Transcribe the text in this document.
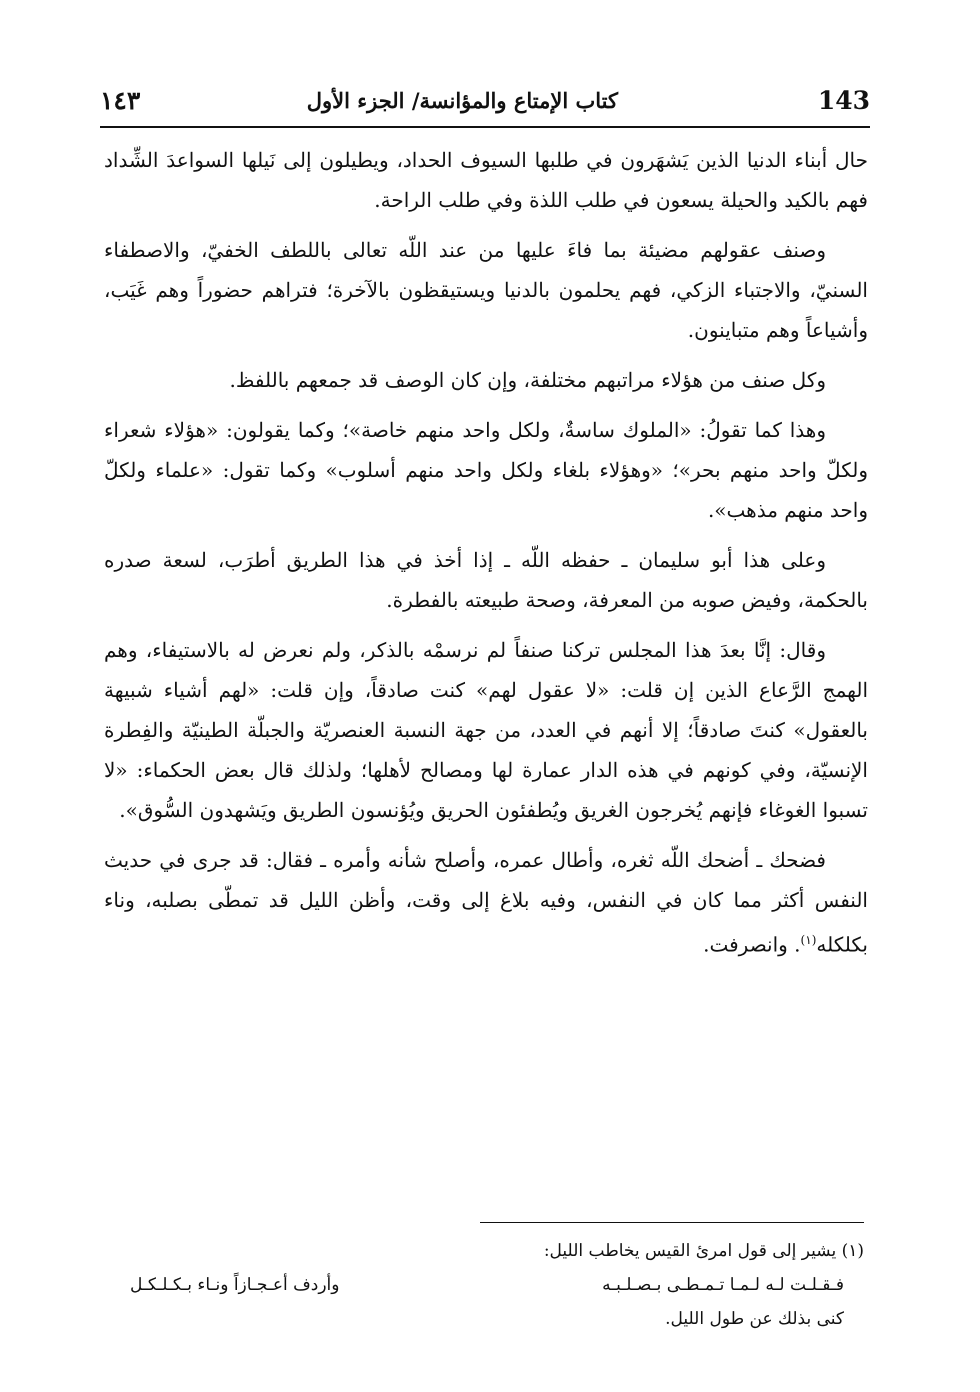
143
كتاب الإمتاع والمؤانسة/ الجزء الأول
١٤٣

حال أبناء الدنيا الذين يَشهَرون في طلبها السيوف الحداد، ويطيلون إلى نَيلها السواعدَ الشِّداد فهم بالكيد والحيلة يسعون في طلب اللذة وفي طلب الراحة.

وصنف عقولهم مضيئة بما فاءَ عليها من عند اللّه تعالى باللطف الخفيّ، والاصطفاء السنيّ، والاجتباء الزكي، فهم يحلمون بالدنيا ويستيقظون بالآخرة؛ فتراهم حضوراً وهم غَيَب، وأشياعاً وهم متباينون.

وكل صنف من هؤلاء مراتبهم مختلفة، وإن كان الوصف قد جمعهم باللفظ.

وهذا كما تقولُ: «الملوك ساسةٌ، ولكل واحد منهم خاصة»؛ وكما يقولون: «هؤلاء شعراء ولكلّ واحد منهم بحر»؛ «وهؤلاء بلغاء ولكل واحد منهم أسلوب» وكما تقول: «علماء ولكلّ واحد منهم مذهب».

وعلى هذا أبو سليمان ـ حفظه اللّه ـ إذا أخذ في هذا الطريق أطرَب، لسعة صدره بالحكمة، وفيض صوبه من المعرفة، وصحة طبيعته بالفطرة.

وقال: إنَّا بعدَ هذا المجلس تركنا صنفاً لم نرسمْه بالذكر، ولم نعرض له بالاستيفاء، وهم الهمج الرَّعاع الذين إن قلت: «لا عقول لهم» كنت صادقاً، وإن قلت: «لهم أشياء شبيهة بالعقول» كنتَ صادقاً؛ إلا أنهم في العدد، من جهة النسبة العنصريّة والجبلّة الطينيّة والفِطرة الإنسيّة، وفي كونهم في هذه الدار عمارة لها ومصالح لأهلها؛ ولذلك قال بعض الحكماء: «لا تسبوا الغوغاء فإنهم يُخرجون الغريق ويُطفئون الحريق ويُؤنسون الطريق ويَشهدون السُّوق».

فضحك ـ أضحك اللّه ثغره، وأطال عمره، وأصلح شأنه وأمره ـ فقال: قد جرى في حديث النفس أكثر مما كان في النفس، وفيه بلاغ إلى وقت، وأظن الليل قد تمطّى بصلبه، وناء بكلكله$^{(١)}$. وانصرفت.

(١) يشير إلى قول امرئ القيس يخاطب الليل:
فـقـلـت لـه لـمـا تـمـطـى بـصـلـبـه
وأردف أعـجـازاً ونـاء بـكـلـكـل
كنى بذلك عن طول الليل.
